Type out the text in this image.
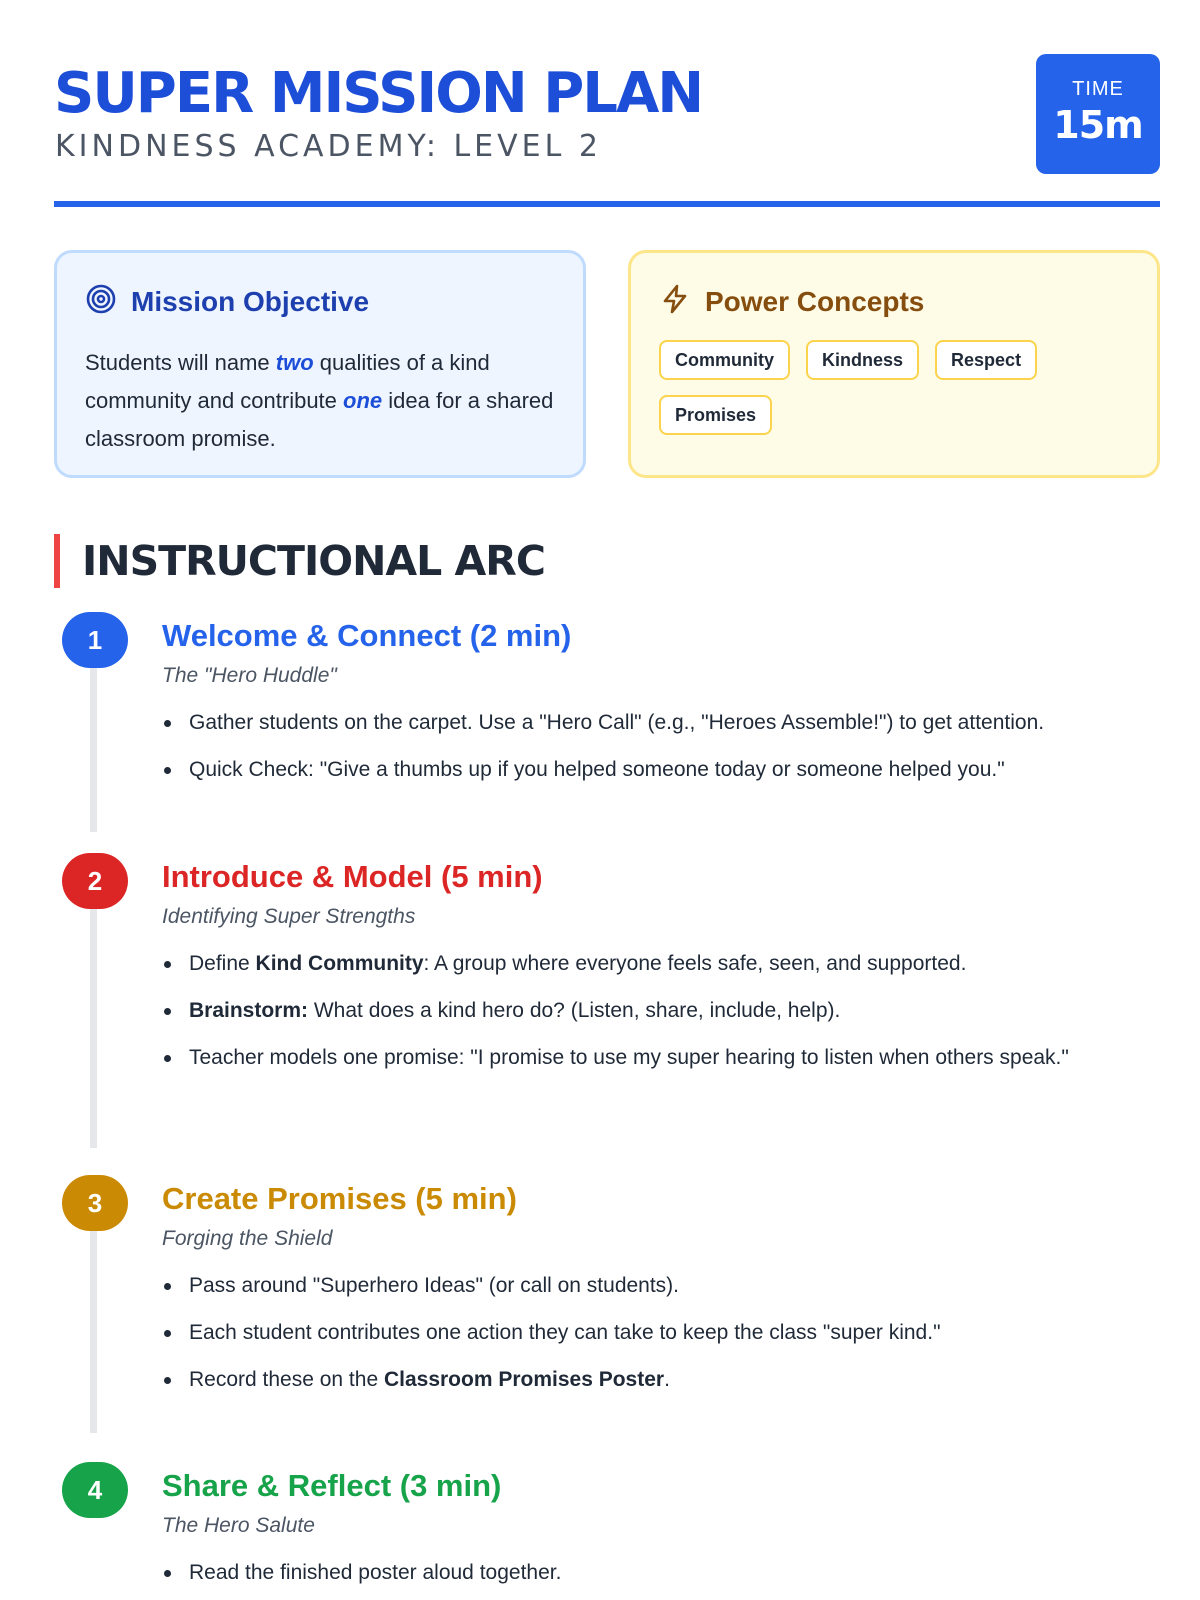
SUPER MISSION PLAN
KINDNESS ACADEMY: LEVEL 2
TIME
15m
Mission Objective

Students will name two qualities of a kind community and contribute one idea for a shared classroom promise.

Power Concepts
Community	Kindness	Respect
Promises
INSTRUCTIONAL ARC
1	Welcome & Connect (2 min)
The "Hero Huddle"
Gather students on the carpet. Use a "Hero Call" (e.g., "Heroes Assemble!") to get attention.
Quick Check: "Give a thumbs up if you helped someone today or someone helped you."
2	Introduce & Model (5 min)
Identifying Super Strengths
Define Kind Community: A group where everyone feels safe, seen, and supported.
Brainstorm: What does a kind hero do? (Listen, share, include, help).
Teacher models one promise: "I promise to use my super hearing to listen when others speak."
3	Create Promises (5 min)
Forging the Shield
Pass around "Superhero Ideas" (or call on students).
Each student contributes one action they can take to keep the class "super kind."
Record these on the Classroom Promises Poster.
4	Share & Reflect (3 min)
The Hero Salute
Read the finished poster aloud together.
